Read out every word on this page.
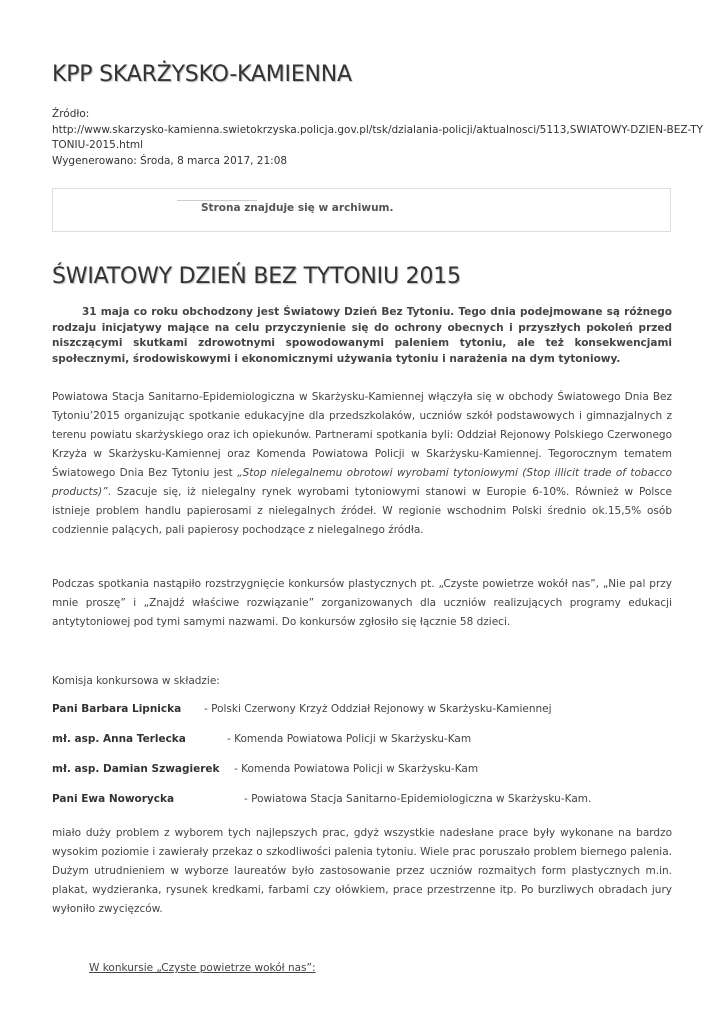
KPP SKARŻYSKO-KAMIENNA
Źródło:
http://www.skarzysko-kamienna.swietokrzyska.policja.gov.pl/tsk/dzialania-policji/aktualnosci/5113,SWIATOWY-DZIEN-BEZ-TY
TONIU-2015.html
Wygenerowano: Środa, 8 marca 2017, 21:08
Strona znajduje się w archiwum.
ŚWIATOWY DZIEŃ BEZ TYTONIU 2015

31 maja co roku obchodzony jest Światowy Dzień Bez Tytoniu. Tego dnia podejmowane są różnego rodzaju inicjatywy mające na celu przyczynienie się do ochrony obecnych i przyszłych pokoleń przed niszczącymi skutkami zdrowotnymi spowodowanymi paleniem tytoniu, ale też konsekwencjami społecznymi, środowiskowymi i ekonomicznymi używania tytoniu i narażenia na dym tytoniowy.

Powiatowa Stacja Sanitarno-Epidemiologiczna w Skarżysku-Kamiennej włączyła się w obchody Światowego Dnia Bez Tytoniu’2015 organizując spotkanie edukacyjne dla przedszkolaków, uczniów szkół podstawowych i gimnazjalnych z terenu powiatu skarżyskiego oraz ich opiekunów. Partnerami spotkania byli: Oddział Rejonowy Polskiego Czerwonego Krzyża w Skarżysku-Kamiennej oraz Komenda Powiatowa Policji w Skarżysku-Kamiennej. Tegorocznym tematem Światowego Dnia Bez Tytoniu jest „Stop nielegalnemu obrotowi wyrobami tytoniowymi (Stop illicit trade of tobacco products)”. Szacuje się, iż nielegalny rynek wyrobami tytoniowymi stanowi w Europie 6-10%. Również w Polsce istnieje problem handlu papierosami z nielegalnych źródeł. W regionie wschodnim Polski średnio ok.15,5% osób codziennie palących, pali papierosy pochodzące z nielegalnego źródła.

Podczas spotkania nastąpiło rozstrzygnięcie konkursów plastycznych pt. „Czyste powietrze wokół nas”, „Nie pal przy mnie proszę” i „Znajdź właściwe rozwiązanie” zorganizowanych dla uczniów realizujących programy edukacji antytytoniowej pod tymi samymi nazwami. Do konkursów zgłosiło się łącznie 58 dzieci.

Komisja konkursowa w składzie:

Pani Barbara Lipnicka	- Polski Czerwony Krzyż Oddział Rejonowy w Skarżysku-Kamiennej
mł. asp. Anna Terlecka	- Komenda Powiatowa Policji w Skarżysku-Kam
mł. asp. Damian Szwagierek	- Komenda Powiatowa Policji w Skarżysku-Kam
Pani Ewa Noworycka	- Powiatowa Stacja Sanitarno-Epidemiologiczna w Skarżysku-Kam.

miało duży problem z wyborem tych najlepszych prac, gdyż wszystkie nadesłane prace były wykonane na bardzo wysokim poziomie i zawierały przekaz o szkodliwości palenia tytoniu. Wiele prac poruszało problem biernego palenia. Dużym utrudnieniem w wyborze laureatów było zastosowanie przez uczniów rozmaitych form plastycznych m.in. plakat, wydzieranka, rysunek kredkami, farbami czy ołówkiem, prace przestrzenne itp. Po burzliwych obradach jury wyłoniło zwycięzców.

W konkursie „Czyste powietrze wokół nas”:
